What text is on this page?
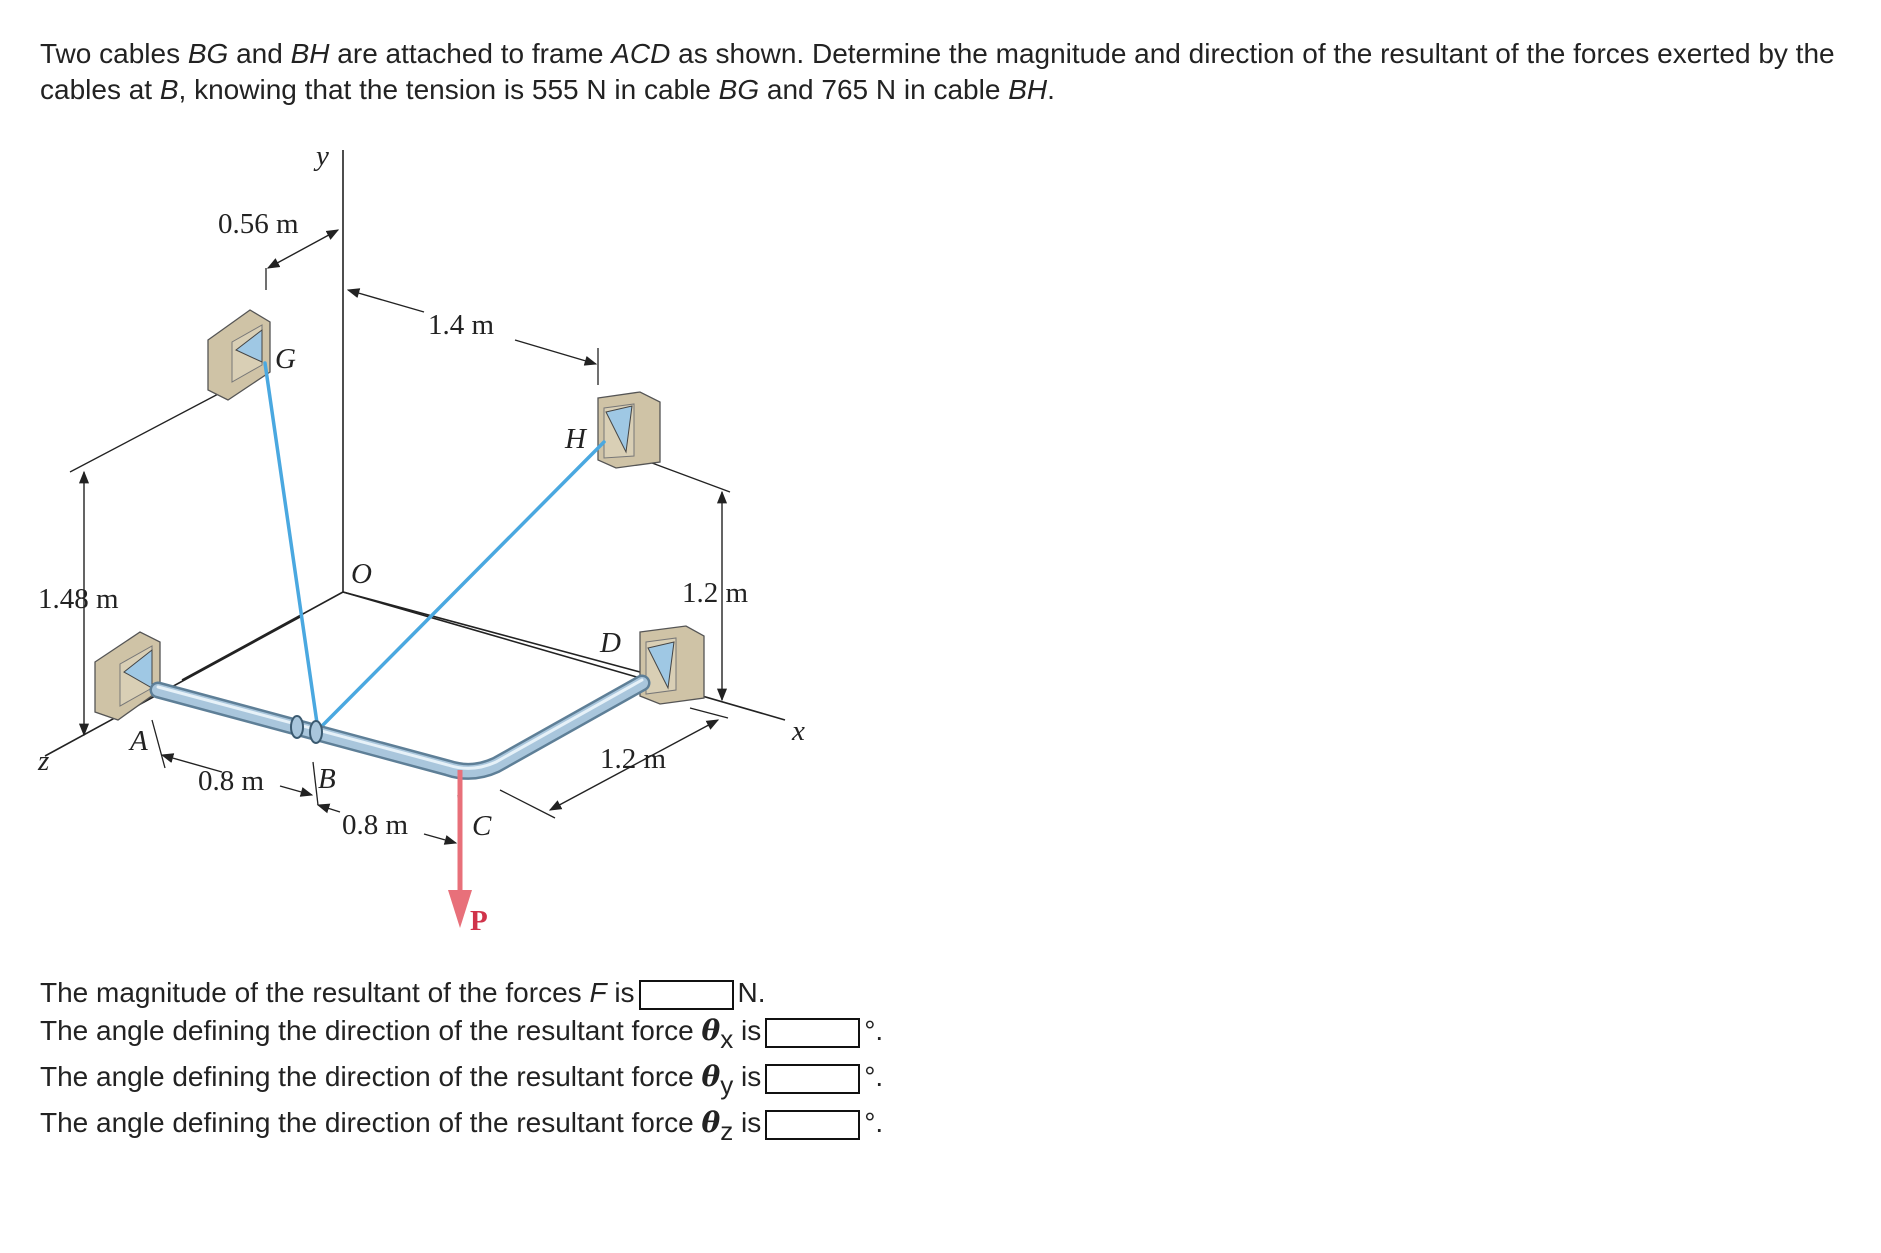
Two cables BG and BH are attached to frame ACD as shown. Determine the magnitude and direction of the resultant of the forces exerted by the cables at B, knowing that the tension is 555 N in cable BG and 765 N in cable BH.

y
x
z
O
A
B
C
D
G
H
P
0.56 m
1.4 m
1.48 m	1.2 m
1.2 m
0.8 m
0.8 m
The magnitude of the resultant of the forces F is	N.
The angle defining the direction of the resultant force θx is	°.
The angle defining the direction of the resultant force θy is	°.
The angle defining the direction of the resultant force θz is	°.
